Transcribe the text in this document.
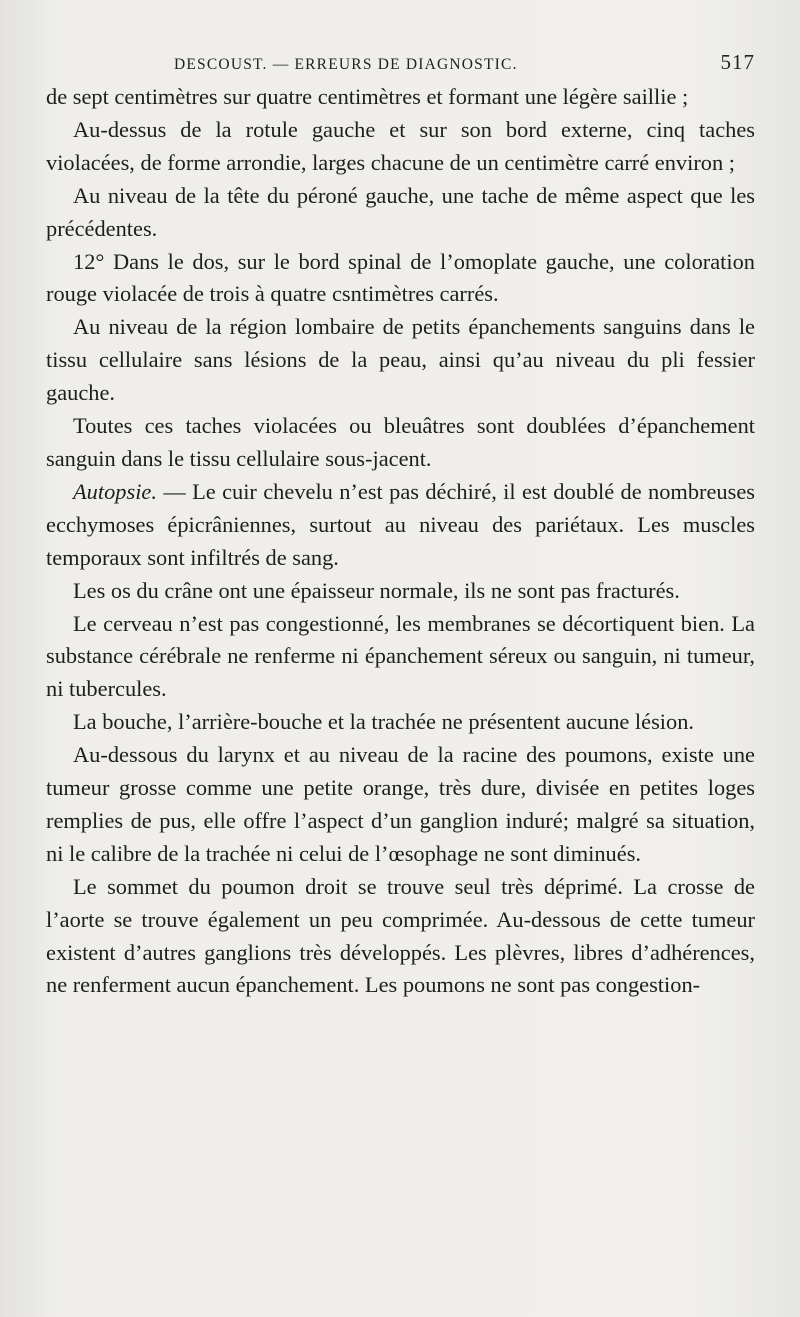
DESCOUST. — ERREURS DE DIAGNOSTIC.	517

de sept centimètres sur quatre centimètres et formant une légère saillie ;

Au-dessus de la rotule gauche et sur son bord externe, cinq taches violacées, de forme arrondie, larges chacune de un centimètre carré environ ;

Au niveau de la tête du péroné gauche, une tache de même aspect que les précédentes.

12° Dans le dos, sur le bord spinal de l’omoplate gauche, une coloration rouge violacée de trois à quatre csntimètres carrés.

Au niveau de la région lombaire de petits épanchements sanguins dans le tissu cellulaire sans lésions de la peau, ainsi qu’au niveau du pli fessier gauche.

Toutes ces taches violacées ou bleuâtres sont doublées d’épanchement sanguin dans le tissu cellulaire sous-jacent.

Autopsie. — Le cuir chevelu n’est pas déchiré, il est doublé de nombreuses ecchymoses épicrâniennes, surtout au niveau des pariétaux. Les muscles temporaux sont infiltrés de sang.

Les os du crâne ont une épaisseur normale, ils ne sont pas fracturés.

Le cerveau n’est pas congestionné, les membranes se décortiquent bien. La substance cérébrale ne renferme ni épanchement séreux ou sanguin, ni tumeur, ni tubercules.

La bouche, l’arrière-bouche et la trachée ne présentent aucune lésion.

Au-dessous du larynx et au niveau de la racine des poumons, existe une tumeur grosse comme une petite orange, très dure, divisée en petites loges remplies de pus, elle offre l’aspect d’un ganglion induré; malgré sa situation, ni le calibre de la trachée ni celui de l’œsophage ne sont diminués.

Le sommet du poumon droit se trouve seul très déprimé. La crosse de l’aorte se trouve également un peu comprimée. Au-dessous de cette tumeur existent d’autres ganglions très développés. Les plèvres, libres d’adhérences, ne renferment aucun épanchement. Les poumons ne sont pas congestion-
